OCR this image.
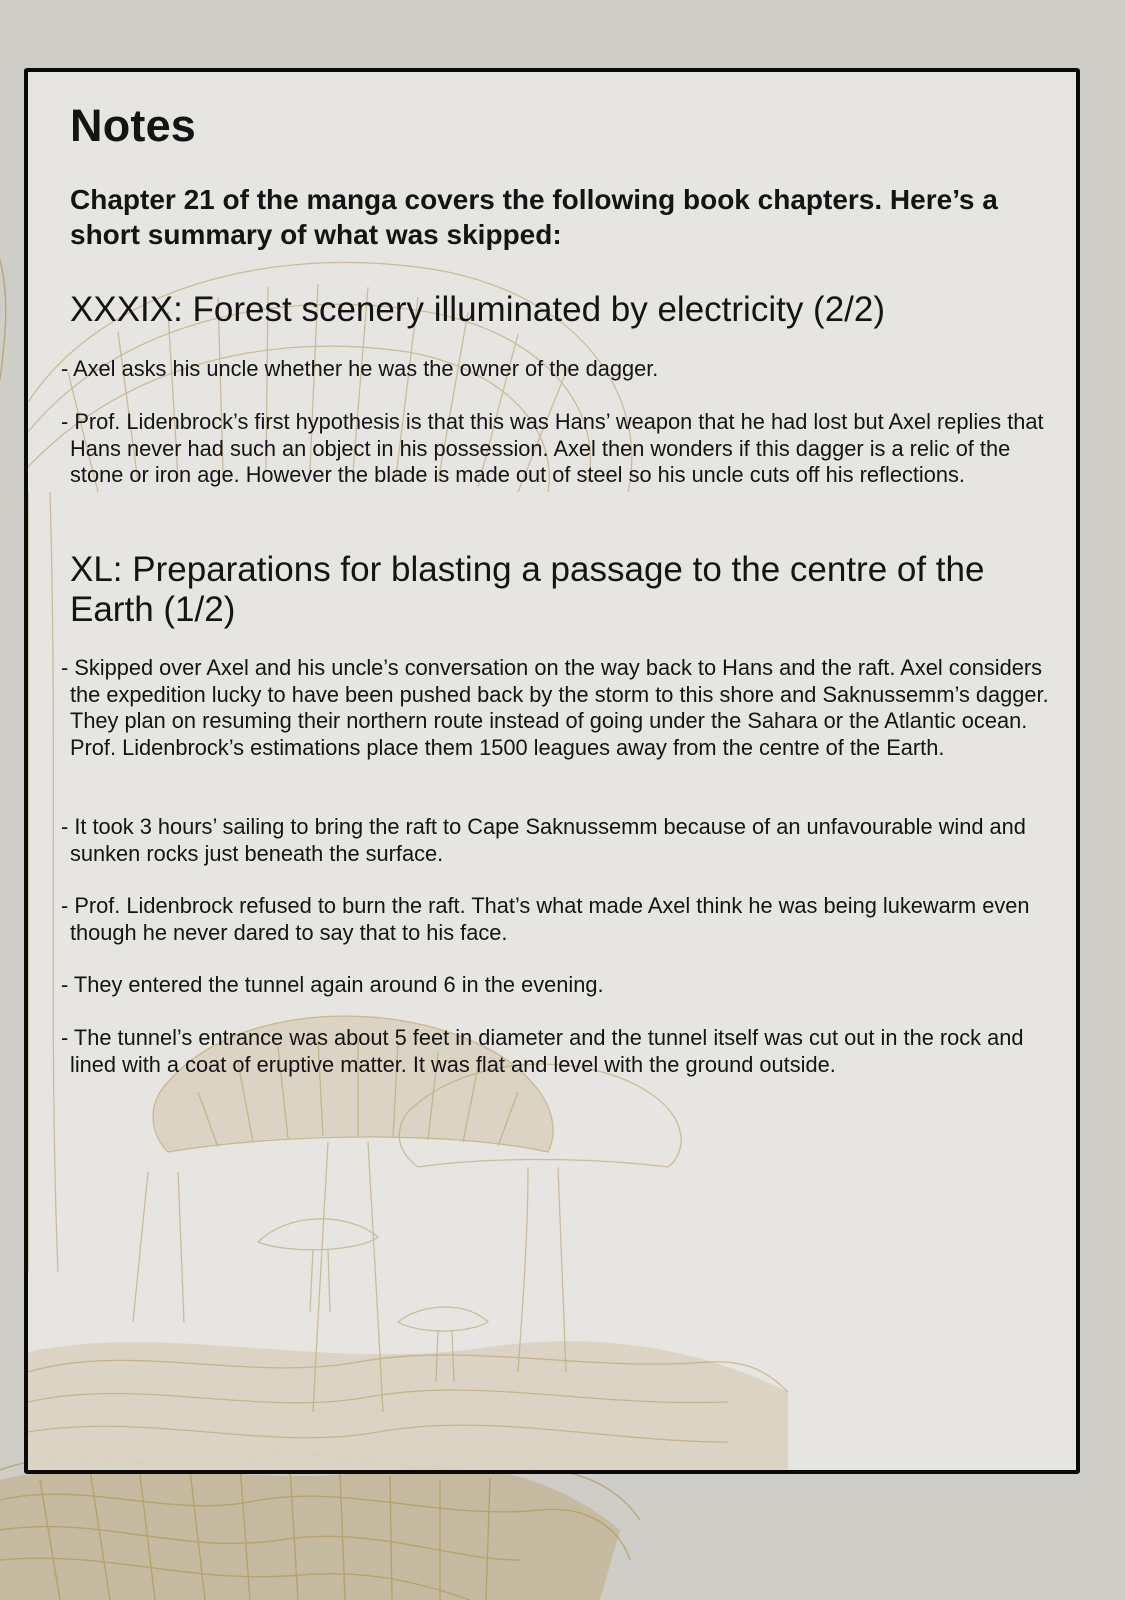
Notes

Chapter 21 of the manga covers the following book chapters. Here’s a short summary of what was skipped:

XXXIX: Forest scenery illuminated by electricity (2/2)

- Axel asks his uncle whether he was the owner of the dagger.

- Prof. Lidenbrock’s first hypothesis is that this was Hans’ weapon that he had lost but Axel replies that Hans never had such an object in his possession. Axel then wonders if this dagger is a relic of the stone or iron age. However the blade is made out of steel so his uncle cuts off his reflections.

XL: Preparations for blasting a passage to the centre of the Earth (1/2)

- Skipped over Axel and his uncle’s conversation on the way back to Hans and the raft. Axel considers the expedition lucky to have been pushed back by the storm to this shore and Saknussemm’s dagger. They plan on resuming their northern route instead of going under the Sahara or the Atlantic ocean. Prof. Lidenbrock’s estimations place them 1500 leagues away from the centre of the Earth.

- It took 3 hours’ sailing to bring the raft to Cape Saknussemm because of an unfavourable wind and sunken rocks just beneath the surface.

- Prof. Lidenbrock refused to burn the raft. That’s what made Axel think he was being lukewarm even though he never dared to say that to his face.

- They entered the tunnel again around 6 in the evening.

- The tunnel’s entrance was about 5 feet in diameter and the tunnel itself was cut out in the rock and lined with a coat of eruptive matter. It was flat and level with the ground outside.
